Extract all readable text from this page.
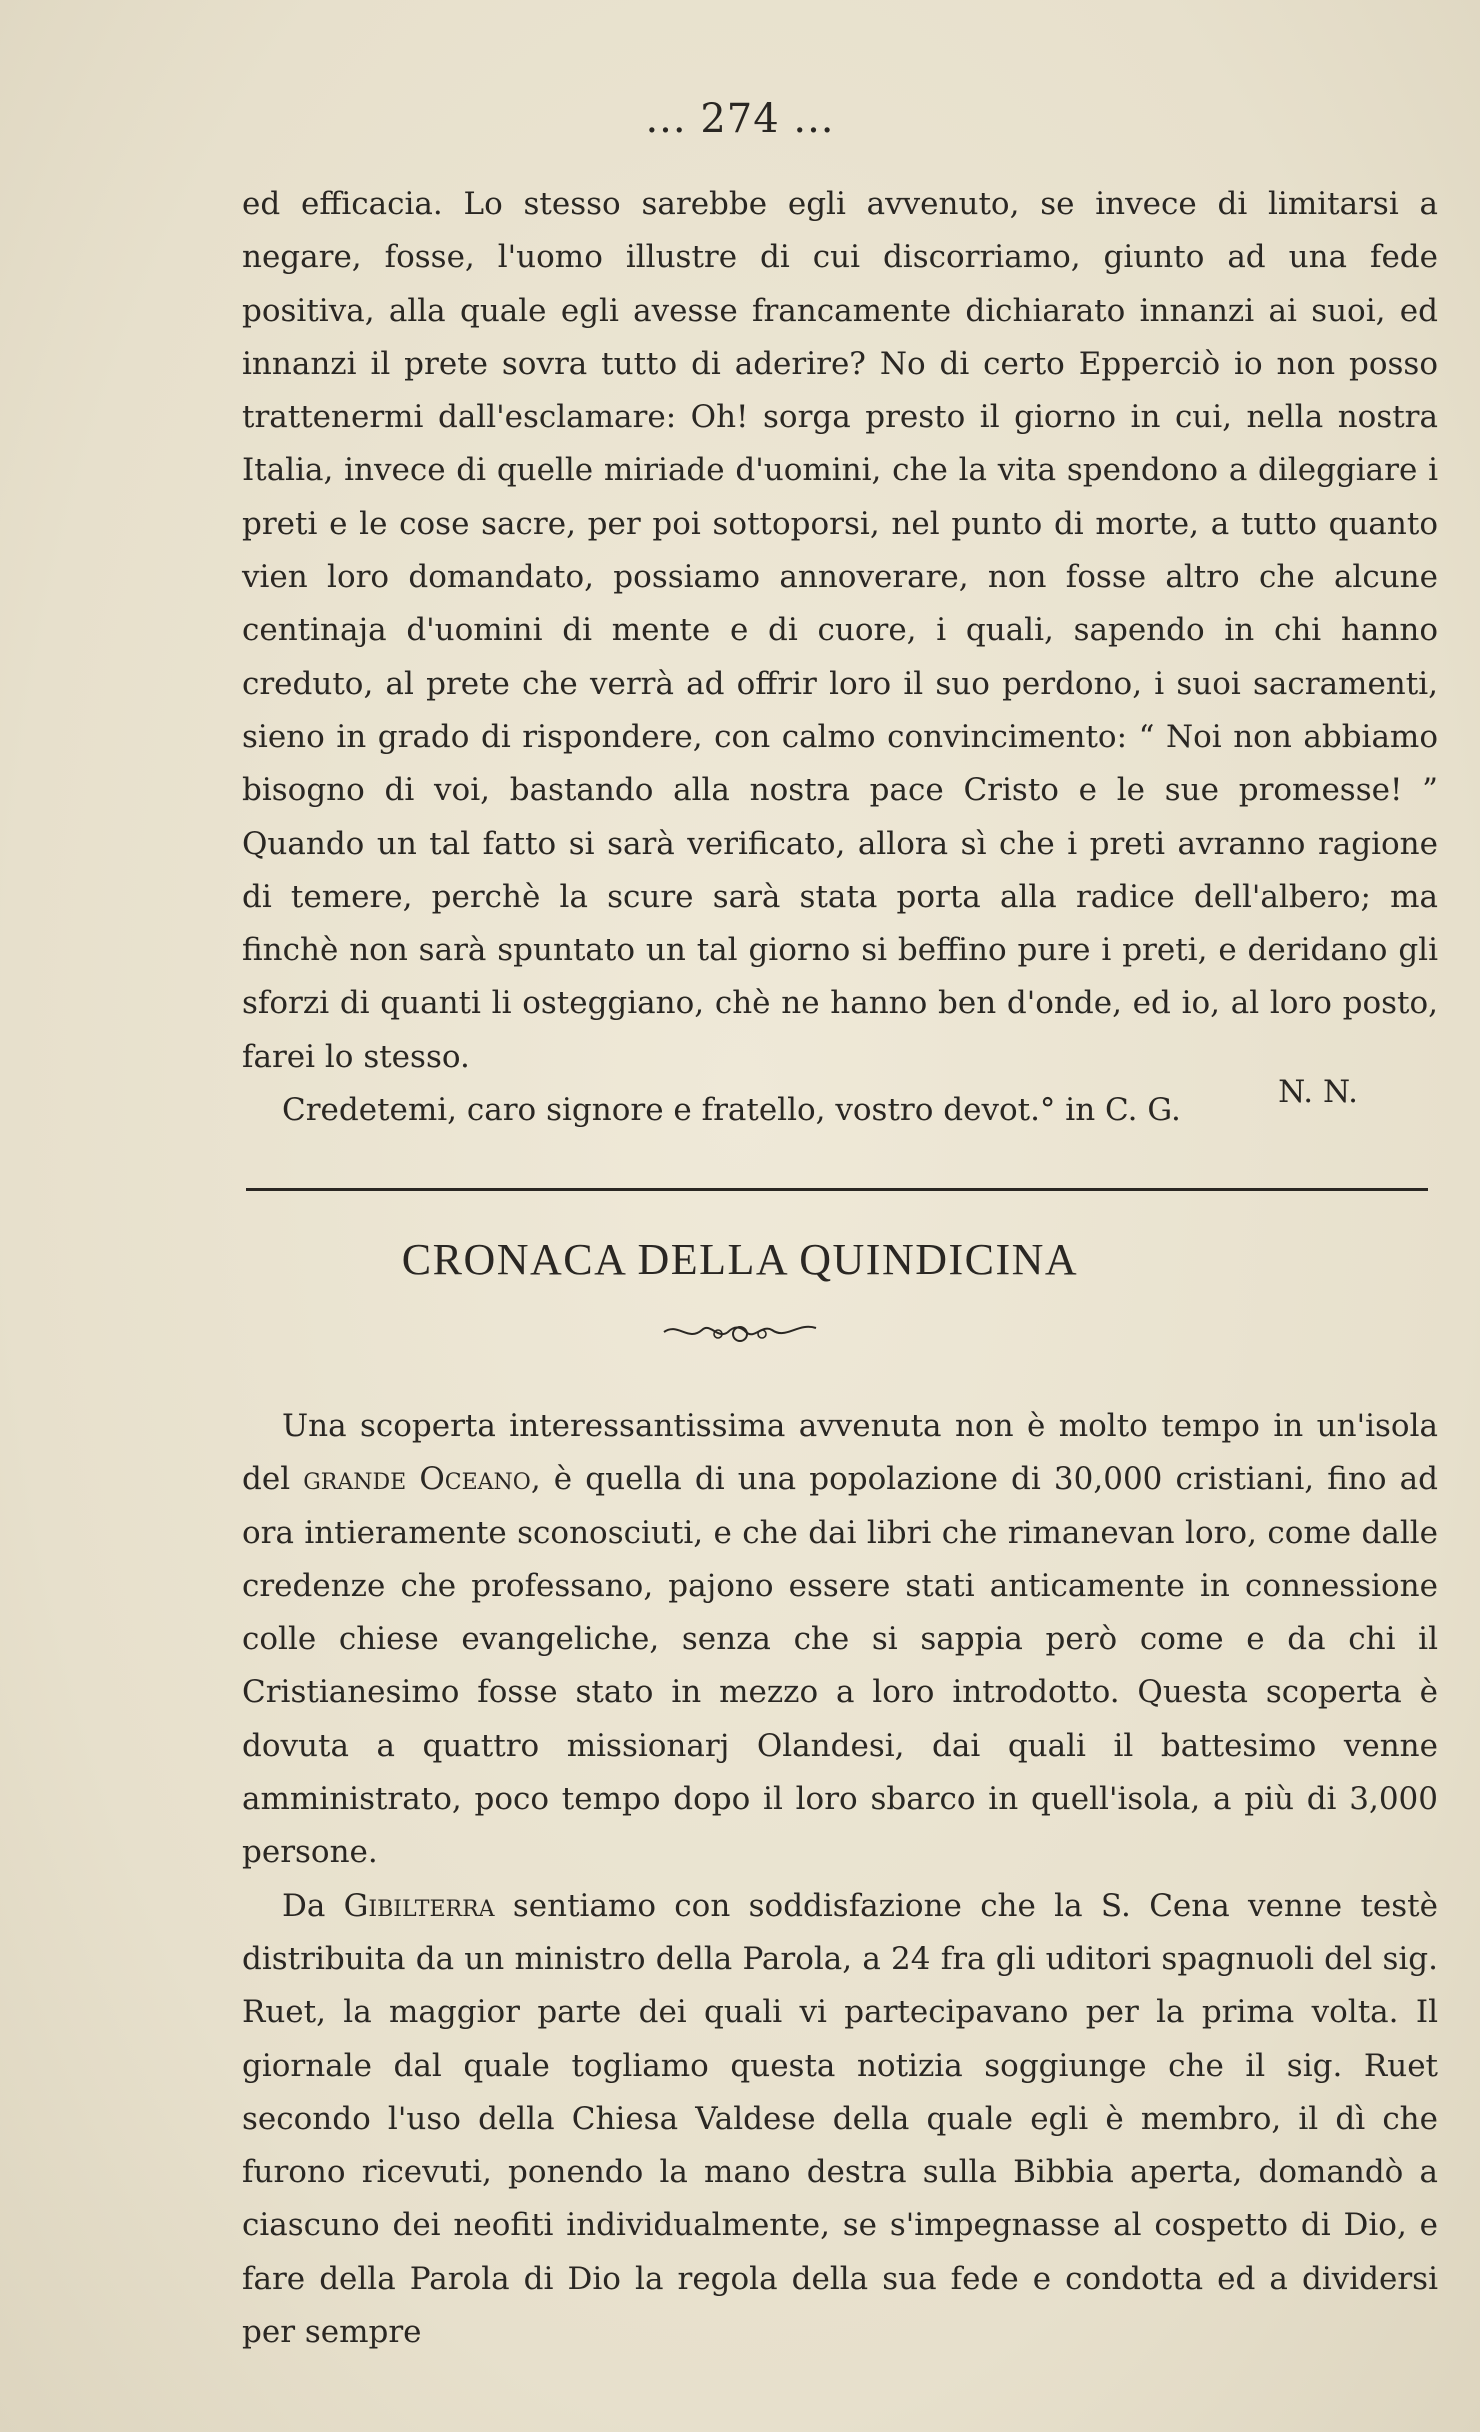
... 274 ...

ed efficacia. Lo stesso sarebbe egli avvenuto, se invece di limitarsi a negare, fosse, l'uomo illustre di cui discorriamo, giunto ad una fede positiva, alla quale egli avesse francamente dichiarato innanzi ai suoi, ed innanzi il prete sovra tutto di aderire? No di certo Epperciò io non posso trattenermi dall'esclamare: Oh! sorga presto il giorno in cui, nella nostra Italia, invece di quelle miriade d'uomini, che la vita spendono a dileggiare i preti e le cose sacre, per poi sottoporsi, nel punto di morte, a tutto quanto vien loro domandato, possiamo annoverare, non fosse altro che alcune centinaja d'uomini di mente e di cuore, i quali, sapendo in chi hanno creduto, al prete che verrà ad offrir loro il suo perdono, i suoi sacramenti, sieno in grado di rispondere, con calmo convincimento: “ Noi non abbiamo bisogno di voi, bastando alla nostra pace Cristo e le sue promesse! ” Quando un tal fatto si sarà verificato, allora sì che i preti avranno ragione di temere, perchè la scure sarà stata porta alla radice dell'albero; ma finchè non sarà spuntato un tal giorno si beffino pure i preti, e deridano gli sforzi di quanti li osteggiano, chè ne hanno ben d'onde, ed io, al loro posto, farei lo stesso.

Credetemi, caro signore e fratello, vostro devot.° in C. G.

N. N.
CRONACA DELLA QUINDICINA

Una scoperta interessantissima avvenuta non è molto tempo in un'isola del grande Oceano, è quella di una popolazione di 30,000 cristiani, fino ad ora intieramente sconosciuti, e che dai libri che rimanevan loro, come dalle credenze che professano, pajono essere stati anticamente in connessione colle chiese evangeliche, senza che si sappia però come e da chi il Cristianesimo fosse stato in mezzo a loro introdotto. Questa scoperta è dovuta a quattro missionarj Olandesi, dai quali il battesimo venne amministrato, poco tempo dopo il loro sbarco in quell'isola, a più di 3,000 persone.

Da Gibilterra sentiamo con soddisfazione che la S. Cena venne testè distribuita da un ministro della Parola, a 24 fra gli uditori spagnuoli del sig. Ruet, la maggior parte dei quali vi partecipavano per la prima volta. Il giornale dal quale togliamo questa notizia soggiunge che il sig. Ruet secondo l'uso della Chiesa Valdese della quale egli è membro, il dì che furono ricevuti, ponendo la mano destra sulla Bibbia aperta, domandò a ciascuno dei neofiti individualmente, se s'impegnasse al cospetto di Dio, e fare della Parola di Dio la regola della sua fede e condotta ed a dividersi per sempre
